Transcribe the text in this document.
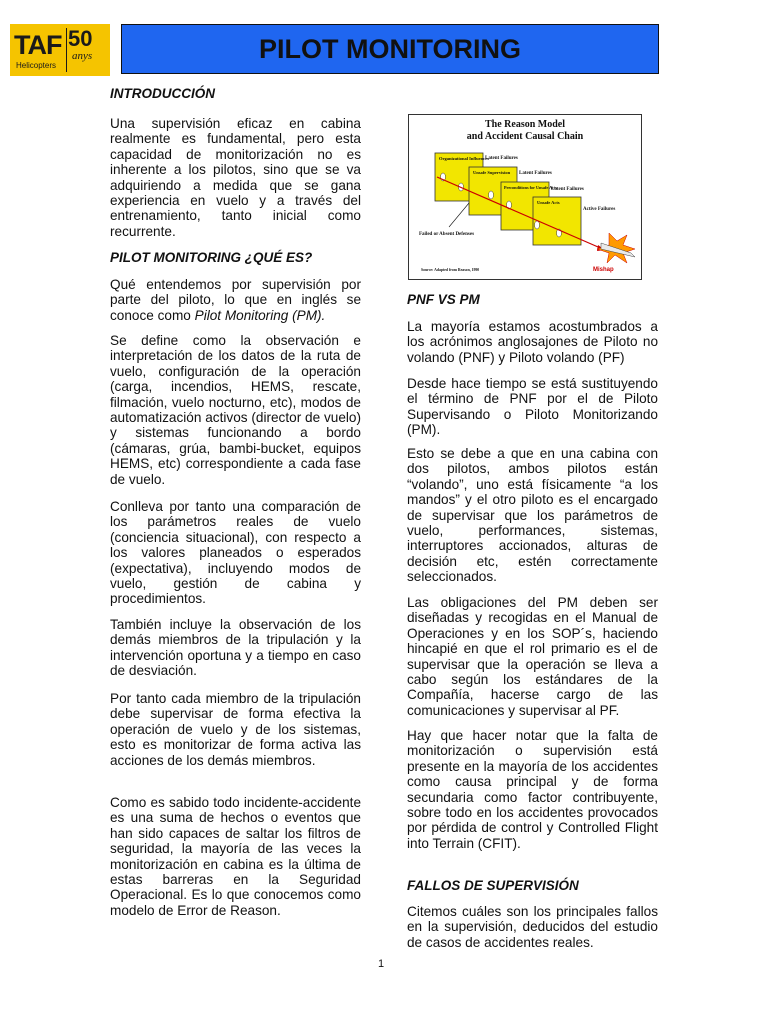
TAF
Helicopters
50
anys	PILOT MONITORING
INTRODUCCIÓN

Una supervisión eficaz en cabina realmente es fundamental, pero esta capacidad de monitorización no es inherente a los pilotos, sino que se va adquiriendo a medida que se gana experiencia en vuelo y a través del entrenamiento, tanto inicial como recurrente.

PILOT MONITORING ¿QUÉ ES?

Qué entendemos por supervisión por parte del piloto, lo que en inglés se conoce como Pilot Monitoring (PM).

Se define como la observación e interpretación de los datos de la ruta de vuelo, configuración de la operación (carga, incendios, HEMS, rescate, filmación, vuelo nocturno, etc), modos de automatización activos (director de vuelo) y sistemas funcionando a bordo (cámaras, grúa, bambi-bucket, equipos HEMS, etc) correspondiente a cada fase de vuelo.

Conlleva por tanto una comparación de los parámetros reales de vuelo (conciencia situacional), con respecto a los valores planeados o esperados (expectativa), incluyendo modos de vuelo, gestión de cabina y procedimientos.

También incluye la observación de los demás miembros de la tripulación y la intervención oportuna y a tiempo en caso de desviación.

Por tanto cada miembro de la tripulación debe supervisar de forma efectiva la operación de vuelo y de los sistemas, esto es monitorizar de forma activa las acciones de los demás miembros.

Como es sabido todo incidente-accidente es una suma de hechos o eventos que han sido capaces de saltar los filtros de seguridad, la mayoría de las veces la monitorización en cabina es la última de estas barreras en la Seguridad Operacional. Es lo que conocemos como modelo de Error de Reason.

The Reason Model
and Accident Causal Chain
Organizational Influences
Unsafe Supervision
Preconditions for Unsafe Acts
Unsafe Acts
Latent Failures
Latent Failures
Latent Failures
Active Failures
Failed or Absent Defenses
Mishap
Source: Adapted from Reason, 1990
PNF VS PM

La mayoría estamos acostumbrados a los acrónimos anglosajones de Piloto no volando (PNF) y Piloto volando (PF)

Desde hace tiempo se está sustituyendo el término de PNF por el de Piloto Supervisando o Piloto Monitorizando (PM).

Esto se debe a que en una cabina con dos pilotos, ambos pilotos están “volando”, uno está físicamente “a los mandos” y el otro piloto es el encargado de supervisar que los parámetros de vuelo, performances, sistemas, interruptores accionados, alturas de decisión etc, estén correctamente seleccionados.

Las obligaciones del PM deben ser diseñadas y recogidas en el Manual de Operaciones y en los SOP´s, haciendo hincapié en que el rol primario es el de supervisar que la operación se lleva a cabo según los estándares de la Compañía, hacerse cargo de las comunicaciones y supervisar al PF.

Hay que hacer notar que la falta de monitorización o supervisión está presente en la mayoría de los accidentes como causa principal y de forma secundaria como factor contribuyente, sobre todo en los accidentes provocados por pérdida de control y Controlled Flight into Terrain (CFIT).

FALLOS DE SUPERVISIÓN

Citemos cuáles son los principales fallos en la supervisión, deducidos del estudio de casos de accidentes reales.

1
